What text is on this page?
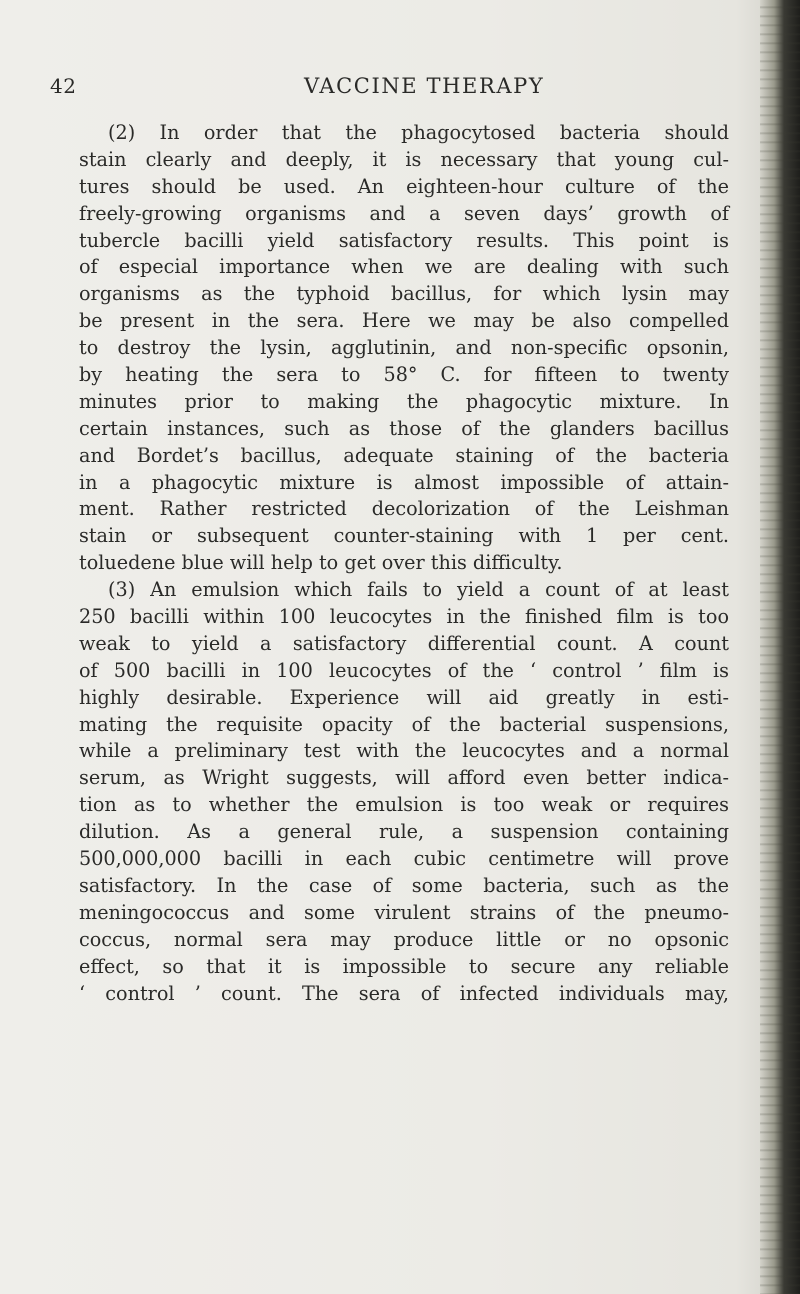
42	VACCINE THERAPY
(2) In order that the phagocytosed bacteria should
stain clearly and deeply, it is necessary that young cul-
tures should be used. An eighteen-hour culture of the
freely-growing organisms and a seven days’ growth of
tubercle bacilli yield satisfactory results. This point is
of especial importance when we are dealing with such
organisms as the typhoid bacillus, for which lysin may
be present in the sera. Here we may be also compelled
to destroy the lysin, agglutinin, and non-specific opsonin,
by heating the sera to 58° C. for fifteen to twenty
minutes prior to making the phagocytic mixture. In
certain instances, such as those of the glanders bacillus
and Bordet’s bacillus, adequate staining of the bacteria
in a phagocytic mixture is almost impossible of attain-
ment. Rather restricted decolorization of the Leishman
stain or subsequent counter-staining with 1 per cent.
toluedene blue will help to get over this difficulty.
(3) An emulsion which fails to yield a count of at least
250 bacilli within 100 leucocytes in the finished film is too
weak to yield a satisfactory differential count. A count
of 500 bacilli in 100 leucocytes of the ‘ control ’ film is
highly desirable. Experience will aid greatly in esti-
mating the requisite opacity of the bacterial suspensions,
while a preliminary test with the leucocytes and a normal
serum, as Wright suggests, will afford even better indica-
tion as to whether the emulsion is too weak or requires
dilution. As a general rule, a suspension containing
500,000,000 bacilli in each cubic centimetre will prove
satisfactory. In the case of some bacteria, such as the
meningococcus and some virulent strains of the pneumo-
coccus, normal sera may produce little or no opsonic
effect, so that it is impossible to secure any reliable
‘ control ’ count. The sera of infected individuals may,
